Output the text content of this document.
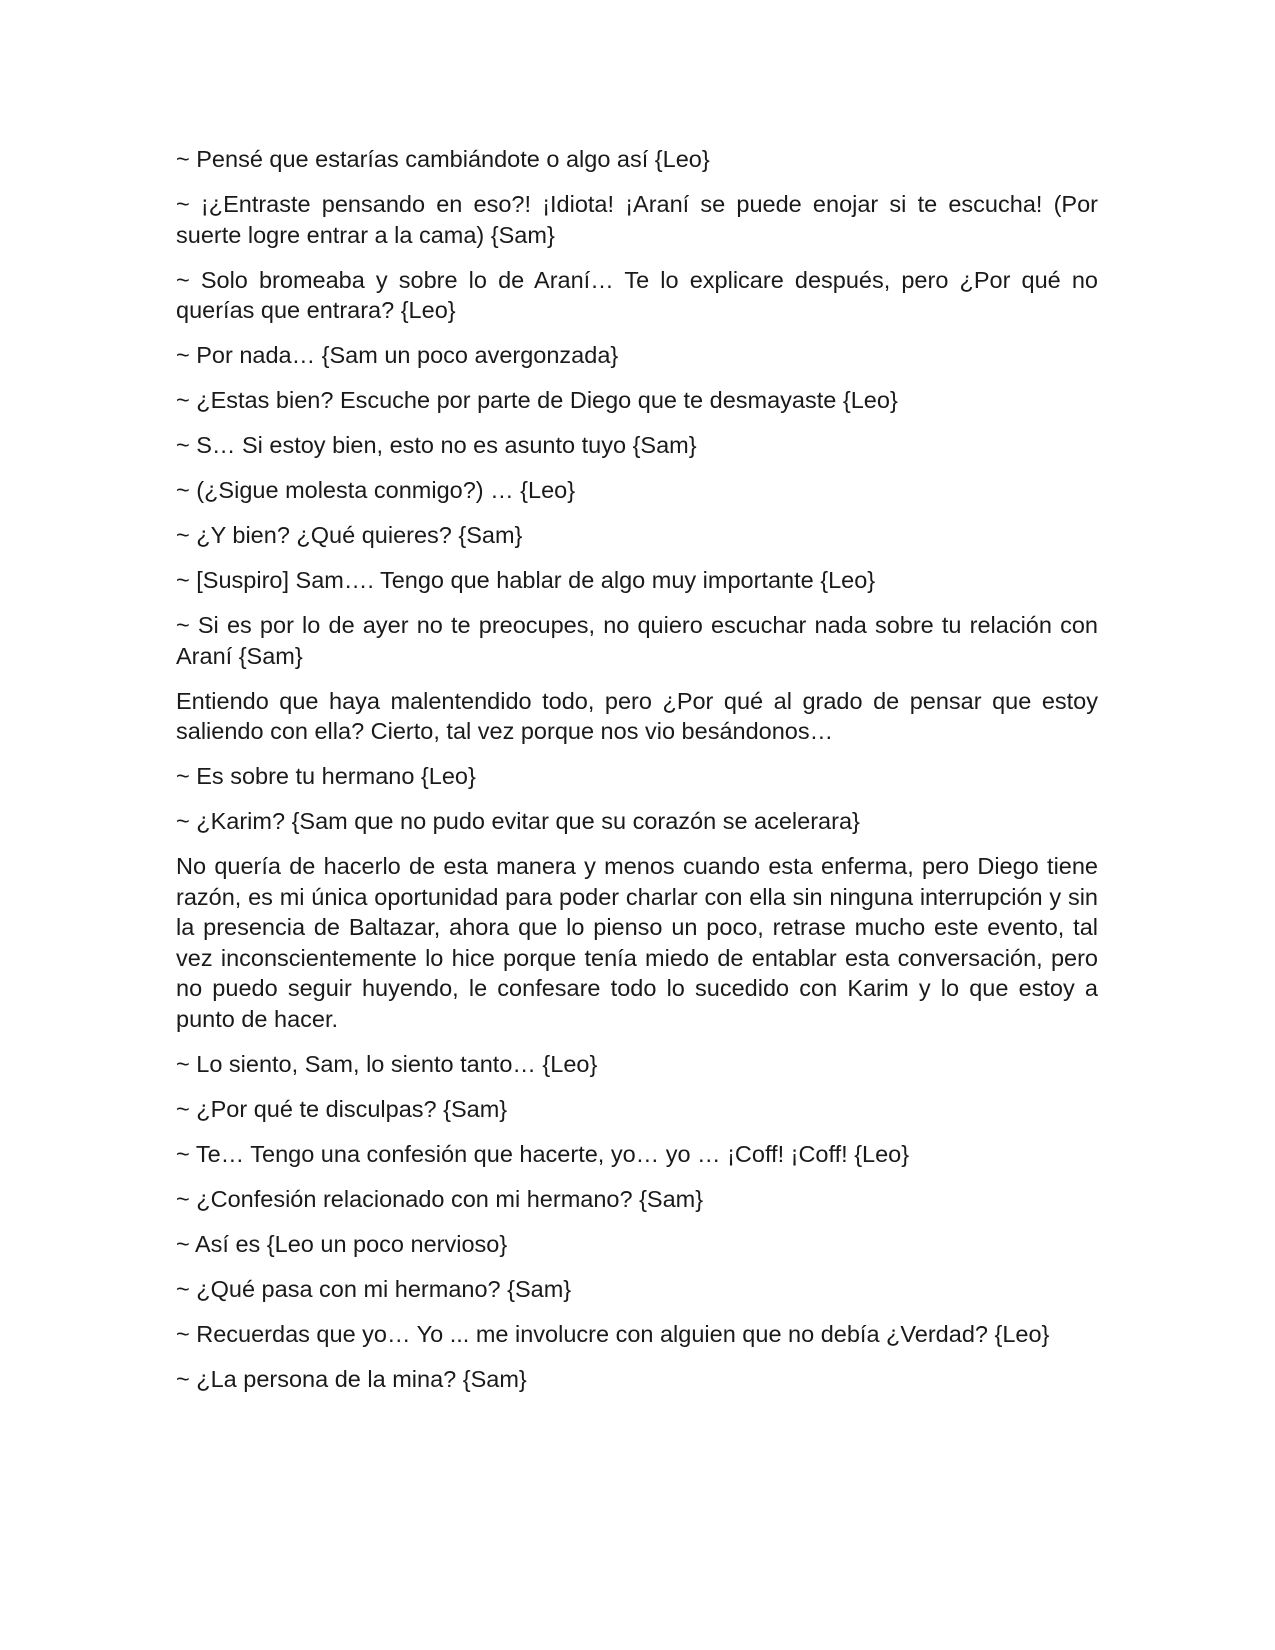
~ Pensé que estarías cambiándote o algo así {Leo}

~ ¡¿Entraste pensando en eso?! ¡Idiota! ¡Araní se puede enojar si te escucha! (Por suerte logre entrar a la cama) {Sam}

~ Solo bromeaba y sobre lo de Araní… Te lo explicare después, pero ¿Por qué no querías que entrara? {Leo}

~ Por nada… {Sam un poco avergonzada}

~ ¿Estas bien? Escuche por parte de Diego que te desmayaste {Leo}

~ S… Si estoy bien, esto no es asunto tuyo {Sam}

~ (¿Sigue molesta conmigo?) … {Leo}

~ ¿Y bien? ¿Qué quieres? {Sam}

~ [Suspiro] Sam…. Tengo que hablar de algo muy importante {Leo}

~ Si es por lo de ayer no te preocupes, no quiero escuchar nada sobre tu relación con Araní {Sam}

Entiendo que haya malentendido todo, pero ¿Por qué al grado de pensar que estoy saliendo con ella? Cierto, tal vez porque nos vio besándonos…

~ Es sobre tu hermano {Leo}

~ ¿Karim? {Sam que no pudo evitar que su corazón se acelerara}

No quería de hacerlo de esta manera y menos cuando esta enferma, pero Diego tiene razón, es mi única oportunidad para poder charlar con ella sin ninguna interrupción y sin la presencia de Baltazar, ahora que lo pienso un poco, retrase mucho este evento, tal vez inconscientemente lo hice porque tenía miedo de entablar esta conversación, pero no puedo seguir huyendo, le confesare todo lo sucedido con Karim y lo que estoy a punto de hacer.

~ Lo siento, Sam, lo siento tanto… {Leo}

~ ¿Por qué te disculpas? {Sam}

~ Te… Tengo una confesión que hacerte, yo… yo … ¡Coff! ¡Coff! {Leo}

~ ¿Confesión relacionado con mi hermano? {Sam}

~ Así es {Leo un poco nervioso}

~ ¿Qué pasa con mi hermano? {Sam}

~ Recuerdas que yo… Yo ... me involucre con alguien que no debía ¿Verdad? {Leo}

~ ¿La persona de la mina? {Sam}
